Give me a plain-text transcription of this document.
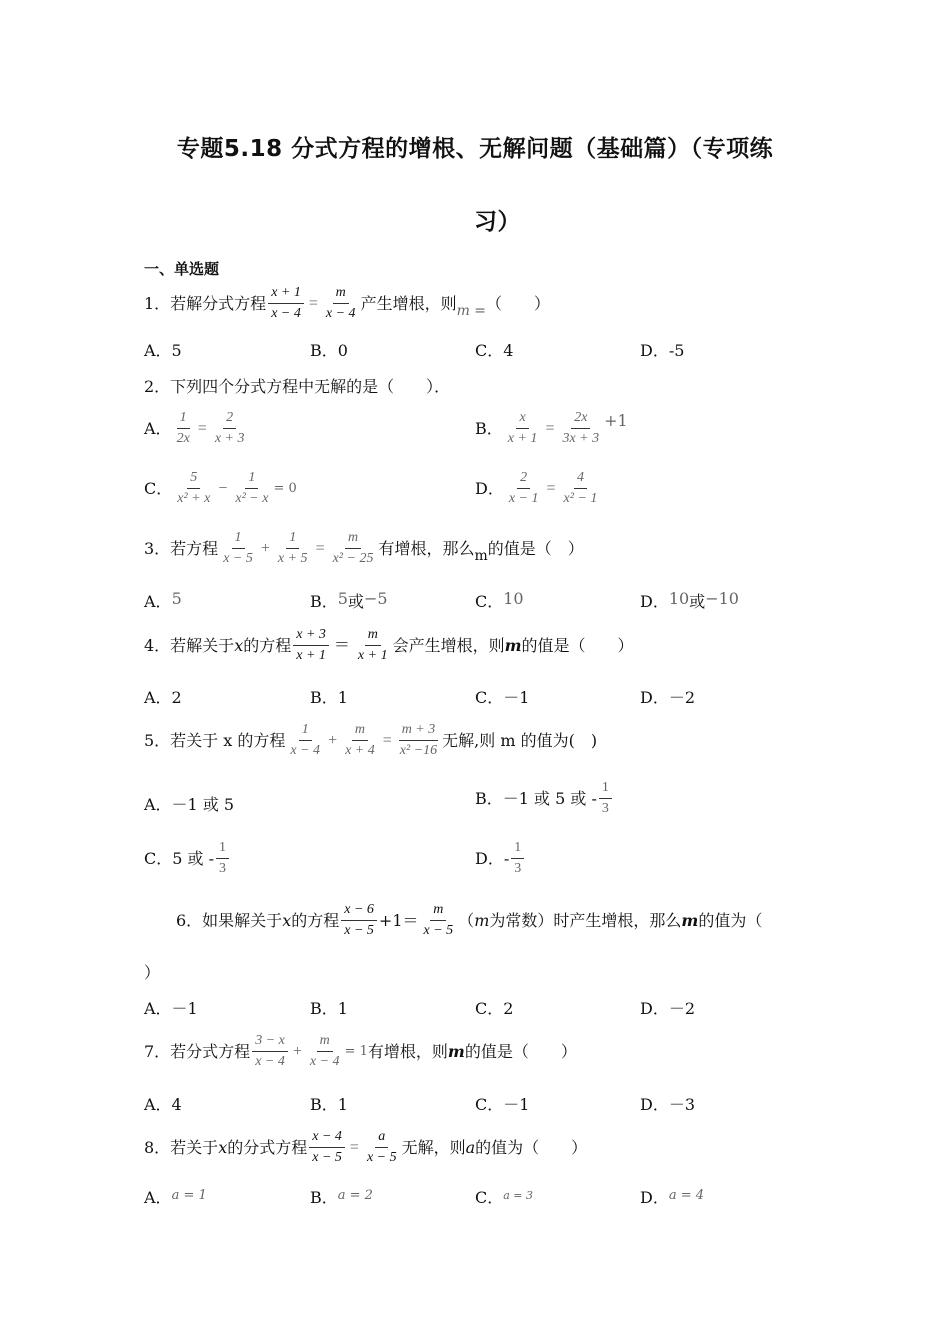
专题5.18 分式方程的增根、无解问题（基础篇）（专项练
习）
一、单选题
1．若解分式方程 $\frac{x + 1}{x - 4} = \frac{m}{x - 4}$ 产生增根，则 m = （　　）
A．5	B．0	C．4	D．-5
2．下列四个分式方程中无解的是（　　）．
A． $\frac{1}{2x} = \frac{2}{x + 3}$	B． $\frac{x}{x + 1} = \frac{2x}{3x + 3} +1$
C． $\frac{5}{\text{x² + x}} - \frac{1}{\text{x² − x}} = 0$	D． $\frac{2}{x - 1} = \frac{4}{\text{x² − 1}}$
3．若方程 $\frac{1}{x - 5} + \frac{1}{x + 5} = \frac{m}{\text{x² − 25}}$ 有增根，那么 m 的值是（　）
A． 5	B． 5 或 −5	C． 10	D． 10 或 −10
4．若解关于 x 的方程 $\frac{x + 3}{x + 1} = \frac{m}{x + 1}$ 会产生增根，则 m 的值是（　　）
A．2	B．1	C．－1	D．－2
5．若关于 x 的方程 $\frac{1}{x - 4} + \frac{m}{x + 4} = \frac{m + 3}{\text{x² −16}}$ 无解,则 m 的值为(　)
A．－1 或 5	B．－1 或 5 或 - $\frac{1}{3}$
C．5 或 - $\frac{1}{3}$	D．- $\frac{1}{3}$
6．如果解关于 x 的方程 $\frac{x - 6}{x - 5} +1= \frac{m}{x - 5}$ （ m 为常数）时产生增根，那么 m 的值为（
）
A．－1	B．1	C．2	D．－2
7．若分式方程 $\frac{3 - x}{x - 4} + \frac{m}{x - 4} = 1$ 有增根，则 m 的值是（　　）
A．4	B．1	C．－1	D．－3
8．若关于 x 的分式方程 $\frac{x - 4}{x - 5} = \frac{a}{x - 5}$ 无解，则 a 的值为（　　）
A． a = 1	B． a = 2	C． a = 3	D． a = 4
